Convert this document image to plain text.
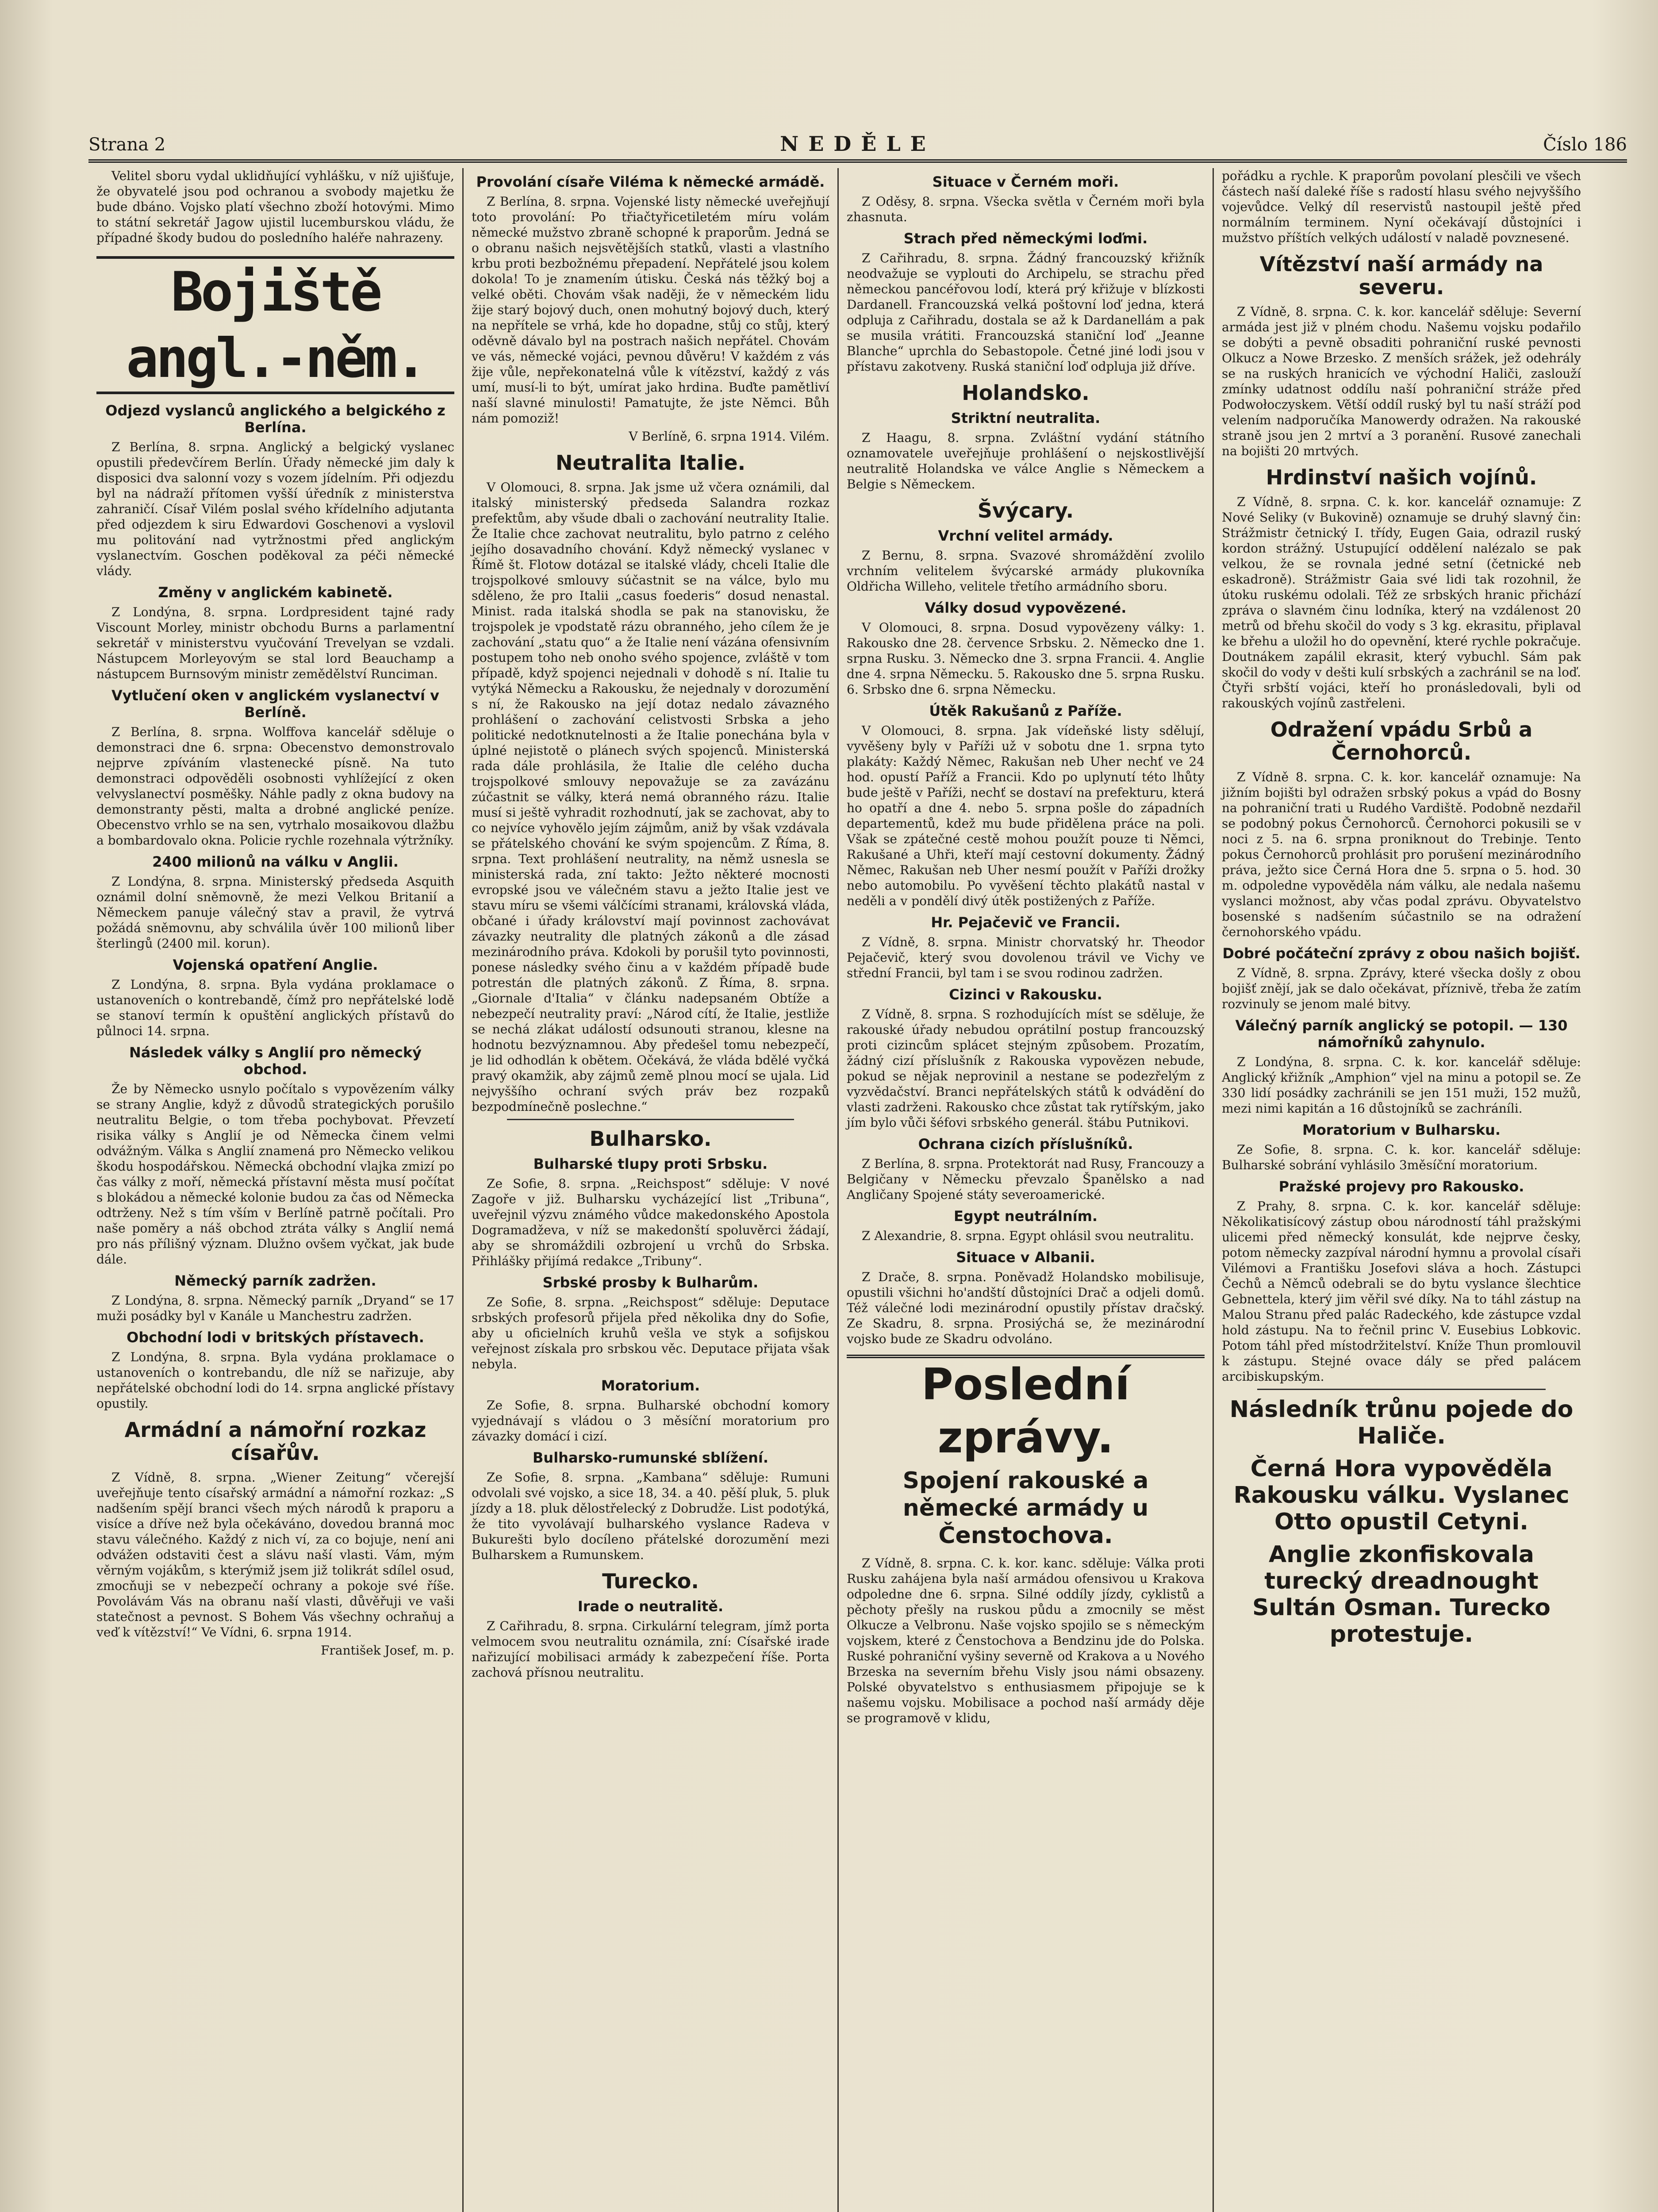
Strana 2	NEDĚLE	Číslo 186

Velitel sboru vydal uklidňující vyhlášku, v níž ujišťuje, že obyvatelé jsou pod ochranou a svobody majetku že bude dbáno. Vojsko platí všechno zboží hotovými. Mimo to státní sekretář Jagow ujistil lucemburskou vládu, že případné škody budou do posledního haléře nahrazeny.

Bojiště angl.-něm.
Odjezd vyslanců anglického a belgického z Berlína.

Z Berlína, 8. srpna. Anglický a belgický vyslanec opustili předevčírem Berlín. Úřady německé jim daly k disposici dva salonní vozy s vozem jídelním. Při odjezdu byl na nádraží přítomen vyšší úředník z ministerstva zahraničí. Císař Vilém poslal svého křídelního adjutanta před odjezdem k siru Edwardovi Goschenovi a vyslovil mu politování nad vytržnostmi před anglickým vyslanectvím. Goschen poděkoval za péči německé vlády.

Změny v anglickém kabinetě.

Z Londýna, 8. srpna. Lordpresident tajné rady Viscount Morley, ministr obchodu Burns a parlamentní sekretář v ministerstvu vyučování Trevelyan se vzdali. Nástupcem Morleyovým se stal lord Beauchamp a nástupcem Burnsovým ministr zemědělství Runciman.

Vytlučení oken v anglickém vyslanectví v Berlíně.

Z Berlína, 8. srpna. Wolffova kancelář sděluje o demonstraci dne 6. srpna: Obecenstvo demonstrovalo nejprve zpíváním vlastenecké písně. Na tuto demonstraci odpověděli osobnosti vyhlížející z oken velvyslanectví posměšky. Náhle padly z okna budovy na demonstranty pěsti, malta a drobné anglické peníze. Obecenstvo vrhlo se na sen, vytrhalo mosaikovou dlažbu a bombardovalo okna. Policie rychle rozehnala výtržníky.

2400 milionů na válku v Anglii.

Z Londýna, 8. srpna. Ministerský předseda Asquith oznámil dolní sněmovně, že mezi Velkou Britanií a Německem panuje válečný stav a pravil, že vytrvá požádá sněmovnu, aby schválila úvěr 100 milionů liber šterlingů (2400 mil. korun).

Vojenská opatření Anglie.

Z Londýna, 8. srpna. Byla vydána proklamace o ustanoveních o kontrebandě, čímž pro nepřátelské lodě se stanoví termín k opuštění anglických přístavů do půlnoci 14. srpna.

Následek války s Anglií pro německý obchod.

Že by Německo usnylo počítalo s vypovězením války se strany Anglie, když z důvodů strategických porušilo neutralitu Belgie, o tom třeba pochybovat. Převzetí risika války s Anglií je od Německa činem velmi odvážným. Válka s Anglií znamená pro Německo velikou škodu hospodářskou. Německá obchodní vlajka zmizí po čas války z moří, německá přístavní města musí počítat s blokádou a německé kolonie budou za čas od Německa odtrženy. Než s tím vším v Berlíně patrně počítali. Pro naše poměry a náš obchod ztráta války s Anglií nemá pro nás přílišný význam. Dlužno ovšem vyčkat, jak bude dále.

Německý parník zadržen.

Z Londýna, 8. srpna. Německý parník „Dryand“ se 17 muži posádky byl v Kanále u Manchestru zadržen.

Obchodní lodi v britských přístavech.

Z Londýna, 8. srpna. Byla vydána proklamace o ustanoveních o kontrebandu, dle níž se nařizuje, aby nepřátelské obchodní lodi do 14. srpna anglické přístavy opustily.

Armádní a námořní rozkaz císařův.

Z Vídně, 8. srpna. „Wiener Zeitung“ včerejší uveřejňuje tento císařský armádní a námořní rozkaz: „S nadšením spějí branci všech mých národů k praporu a visíce a dříve než byla očekáváno, dovedou branná moc stavu válečného. Každý z nich ví, za co bojuje, není ani odvážen odstaviti čest a slávu naší vlasti. Vám, mým věrným vojákům, s kterýmiž jsem již tolikrát sdílel osud, zmocňuji se v nebezpečí ochrany a pokoje své říše. Povolávám Vás na obranu naší vlasti, důvěřuji ve vaši statečnost a pevnost. S Bohem Vás všechny ochraňuj a veď k vítězství!“ Ve Vídni, 6. srpna 1914.

František Josef, m. p.
Provolání císaře Viléma k německé armádě.

Z Berlína, 8. srpna. Vojenské listy německé uveřejňují toto provolání: Po třiačtyřicetiletém míru volám německé mužstvo zbraně schopné k praporům. Jedná se o obranu našich nejsvětějších statků, vlasti a vlastního krbu proti bezbožnému přepadení. Nepřátelé jsou kolem dokola! To je znamením útisku. Česká nás těžký boj a velké oběti. Chovám však naději, že v německém lidu žije starý bojový duch, onen mohutný bojový duch, který na nepřítele se vrhá, kde ho dopadne, stůj co stůj, který oděvně dávalo byl na postrach našich nepřátel. Chovám ve vás, německé vojáci, pevnou důvěru! V každém z vás žije vůle, nepřekonatelná vůle k vítězství, každý z vás umí, musí-li to být, umírat jako hrdina. Buďte pamětliví naší slavné minulosti! Pamatujte, že jste Němci. Bůh nám pomoziž!

V Berlíně, 6. srpna 1914. Vilém.
Neutralita Italie.

V Olomouci, 8. srpna. Jak jsme už včera oznámili, dal italský ministerský předseda Salandra rozkaz prefektům, aby všude dbali o zachování neutrality Italie. Že Italie chce zachovat neutralitu, bylo patrno z celého jejího dosavadního chování. Když německý vyslanec v Římě št. Flotow dotázal se italské vlády, chceli Italie dle trojspolkové smlouvy súčastnit se na válce, bylo mu sděleno, že pro Italii „casus foederis“ dosud nenastal. Minist. rada italská shodla se pak na stanovisku, že trojspolek je vpodstatě rázu obranného, jeho cílem že je zachování „statu quo“ a že Italie není vázána ofensivním postupem toho neb onoho svého spojence, zvláště v tom případě, když spojenci nejednali v dohodě s ní. Italie tu vytýká Německu a Rakousku, že nejednaly v dorozumění s ní, že Rakousko na její dotaz nedalo závazného prohlášení o zachování celistvosti Srbska a jeho politické nedotknutelnosti a že Italie ponechána byla v úplné nejistotě o plánech svých spojenců. Ministerská rada dále prohlásila, že Italie dle celého ducha trojspolkové smlouvy nepovažuje se za zavázánu zúčastnit se války, která nemá obranného rázu. Italie musí si ještě vyhradit rozhodnutí, jak se zachovat, aby to co nejvíce vyhovělo jejím zájmům, aniž by však vzdávala se přátelského chování ke svým spojencům. Z Říma, 8. srpna. Text prohlášení neutrality, na němž usnesla se ministerská rada, zní takto: Ježto některé mocnosti evropské jsou ve válečném stavu a ježto Italie jest ve stavu míru se všemi válčícími stranami, královská vláda, občané i úřady království mají povinnost zachovávat závazky neutrality dle platných zákonů a dle zásad mezinárodního práva. Kdokoli by porušil tyto povinnosti, ponese následky svého činu a v každém případě bude potrestán dle platných zákonů. Z Říma, 8. srpna. „Giornale d'Italia“ v článku nadepsaném Obtíže a nebezpečí neutrality praví: „Národ cítí, že Italie, jestliže se nechá zlákat událostí odsunouti stranou, klesne na hodnotu bezvýznamnou. Aby předešel tomu nebezpečí, je lid odhodlán k obětem. Očekává, že vláda bdělé vyčká pravý okamžik, aby zájmů země plnou mocí se ujala. Lid nejvyššího ochraní svých práv bez rozpaků bezpodmínečně poslechne.“

Bulharsko.
Bulharské tlupy proti Srbsku.

Ze Sofie, 8. srpna. „Reichspost“ sděluje: V nové Zagoře v již. Bulharsku vycházející list „Tribuna“, uveřejnil výzvu známého vůdce makedonského Apostola Dogramadževa, v níž se makedonští spoluvěrci žádají, aby se shromáždili ozbrojení u vrchů do Srbska. Přihlášky přijímá redakce „Tribuny“.

Srbské prosby k Bulharům.

Ze Sofie, 8. srpna. „Reichspost“ sděluje: Deputace srbských profesorů přijela před několika dny do Sofie, aby u oficielních kruhů vešla ve styk a sofijskou veřejnost získala pro srbskou věc. Deputace přijata však nebyla.

Moratorium.

Ze Sofie, 8. srpna. Bulharské obchodní komory vyjednávají s vládou o 3 měsíční moratorium pro závazky domácí i cizí.

Bulharsko-rumunské sblížení.

Ze Sofie, 8. srpna. „Kambana“ sděluje: Rumuni odvolali své vojsko, a sice 18, 34. a 40. pěší pluk, 5. pluk jízdy a 18. pluk dělostřelecký z Dobrudže. List podotýká, že tito vyvolávají bulharského vyslance Radeva v Bukurešti bylo docíleno přátelské dorozumění mezi Bulharskem a Rumunskem.

Turecko.
Irade o neutralitě.

Z Cařihradu, 8. srpna. Cirkulární telegram, jímž porta velmocem svou neutralitu oznámila, zní: Císařské irade nařizující mobilisaci armády k zabezpečení říše. Porta zachová přísnou neutralitu.

Situace v Černém moři.

Z Oděsy, 8. srpna. Všecka světla v Černém moři byla zhasnuta.

Strach před německými loďmi.

Z Cařihradu, 8. srpna. Žádný francouzský křižník neodvažuje se vyplouti do Archipelu, se strachu před německou pancéřovou lodí, která prý křižuje v blízkosti Dardanell. Francouzská velká poštovní loď jedna, která odpluja z Cařihradu, dostala se až k Dardanellám a pak se musila vrátiti. Francouzská staniční loď „Jeanne Blanche“ uprchla do Sebastopole. Četné jiné lodi jsou v přístavu zakotveny. Ruská staniční loď odpluja již dříve.

Holandsko.
Striktní neutralita.

Z Haagu, 8. srpna. Zvláštní vydání státního oznamovatele uveřejňuje prohlášení o nejskostlivější neutralitě Holandska ve válce Anglie s Německem a Belgie s Německem.

Švýcary.
Vrchní velitel armády.

Z Bernu, 8. srpna. Svazové shromáždění zvolilo vrchním velitelem švýcarské armády plukovníka Oldřicha Willeho, velitele třetího armádního sboru.

Války dosud vypovězené.

V Olomouci, 8. srpna. Dosud vypovězeny války: 1. Rakousko dne 28. července Srbsku. 2. Německo dne 1. srpna Rusku. 3. Německo dne 3. srpna Francii. 4. Anglie dne 4. srpna Německu. 5. Rakousko dne 5. srpna Rusku. 6. Srbsko dne 6. srpna Německu.

Útěk Rakušanů z Paříže.

V Olomouci, 8. srpna. Jak vídeňské listy sdělují, vyvěšeny byly v Paříži už v sobotu dne 1. srpna tyto plakáty: Každý Němec, Rakušan neb Uher nechť ve 24 hod. opustí Paříž a Francii. Kdo po uplynutí této lhůty bude ještě v Paříži, nechť se dostaví na prefekturu, která ho opatří a dne 4. nebo 5. srpna pošle do západních departementů, kdež mu bude přidělena práce na poli. Však se zpátečné cestě mohou použít pouze ti Němci, Rakušané a Uhři, kteří mají cestovní dokumenty. Žádný Němec, Rakušan neb Uher nesmí použít v Paříži drožky nebo automobilu. Po vyvěšení těchto plakátů nastal v neděli a v pondělí divý útěk postižených z Paříže.

Hr. Pejačevič ve Francii.

Z Vídně, 8. srpna. Ministr chorvatský hr. Theodor Pejačevič, který svou dovolenou trávil ve Vichy ve střední Francii, byl tam i se svou rodinou zadržen.

Cizinci v Rakousku.

Z Vídně, 8. srpna. S rozhodujících míst se sděluje, že rakouské úřady nebudou oprátilní postup francouzský proti cizincům splácet stejným způsobem. Prozatím, žádný cizí příslušník z Rakouska vypovězen nebude, pokud se nějak neprovinil a nestane se podezřelým z vyzvědačství. Branci nepřátelských států k odvádění do vlasti zadrženi. Rakousko chce zůstat tak rytířským, jako jím bylo vůči šéfovi srbského generál. štábu Putnikovi.

Ochrana cizích příslušníků.

Z Berlína, 8. srpna. Protektorát nad Rusy, Francouzy a Belgičany v Německu převzalo Španělsko a nad Angličany Spojené státy severoamerické.

Egypt neutrálním.

Z Alexandrie, 8. srpna. Egypt ohlásil svou neutralitu.

Situace v Albanii.

Z Drače, 8. srpna. Poněvadž Holandsko mobilisuje, opustili všichni ho'andští důstojníci Drač a odjeli domů. Též válečné lodi mezinárodní opustily přístav dračský. Ze Skadru, 8. srpna. Prosiýchá se, že mezinárodní vojsko bude ze Skadru odvoláno.

Poslední zprávy.
Spojení rakouské a německé armády u Čenstochova.

Z Vídně, 8. srpna. C. k. kor. kanc. sděluje: Válka proti Rusku zahájena byla naší armádou ofensivou u Krakova odpoledne dne 6. srpna. Silné oddíly jízdy, cyklistů a pěchoty přešly na ruskou půdu a zmocnily se měst Olkucze a Velbronu. Naše vojsko spojilo se s německým vojskem, které z Čenstochova a Bendzinu jde do Polska. Ruské pohraniční vyšiny severně od Krakova a u Nového Brzeska na severním břehu Visly jsou námi obsazeny. Polské obyvatelstvo s enthusiasmem připojuje se k našemu vojsku. Mobilisace a pochod naší armády děje se programově v klidu,

pořádku a rychle. K praporům povolaní plesčili ve všech částech naší daleké říše s radostí hlasu svého nejvyššího vojevůdce. Velký díl reservistů nastoupil ještě před normálním terminem. Nyní očekávají důstojníci i mužstvo příštích velkých událostí v naladě povznesené.

Vítězství naší armády na severu.

Z Vídně, 8. srpna. C. k. kor. kancelář sděluje: Severní armáda jest již v plném chodu. Našemu vojsku podařilo se dobýti a pevně obsaditi pohraniční ruské pevnosti Olkucz a Nowe Brzesko. Z menších srážek, jež odehrály se na ruských hranicích ve východní Haliči, zaslouží zmínky udatnost oddílu naší pohraniční stráže před Podwołoczyskem. Větší oddíl ruský byl tu naší stráží pod velením nadporučíka Manowerdy odražen. Na rakouské straně jsou jen 2 mrtví a 3 poranění. Rusové zanechali na bojišti 20 mrtvých.

Hrdinství našich vojínů.

Z Vídně, 8. srpna. C. k. kor. kancelář oznamuje: Z Nové Seliky (v Bukovině) oznamuje se druhý slavný čin: Strážmistr četnický I. třídy, Eugen Gaia, odrazil ruský kordon strážný. Ustupující oddělení nalézalo se pak velkou, že se rovnala jedné setní (četnické neb eskadroně). Strážmistr Gaia své lidi tak rozohnil, že útoku ruskému odolali. Též ze srbských hranic přichází zpráva o slavném činu lodníka, který na vzdálenost 20 metrů od břehu skočil do vody s 3 kg. ekrasitu, připlaval ke břehu a uložil ho do opevnění, které rychle pokračuje. Doutnákem zapálil ekrasit, který vybuchl. Sám pak skočil do vody v dešti kulí srbských a zachránil se na loď. Čtyři srbští vojáci, kteří ho pronásledovali, byli od rakouských vojínů zastřeleni.

Odražení vpádu Srbů a Černohorců.

Z Vídně 8. srpna. C. k. kor. kancelář oznamuje: Na jižním bojišti byl odražen srbský pokus a vpád do Bosny na pohraniční trati u Rudého Vardiště. Podobně nezdařil se podobný pokus Černohorců. Černohorci pokusili se v noci z 5. na 6. srpna proniknout do Trebinje. Tento pokus Černohorců prohlásit pro porušení mezinárodního práva, ježto sice Černá Hora dne 5. srpna o 5. hod. 30 m. odpoledne vypověděla nám válku, ale nedala našemu vyslanci možnost, aby včas podal zprávu. Obyvatelstvo bosenské s nadšením súčastnilo se na odražení černohorského vpádu.

Dobré počáteční zprávy z obou našich bojišť.

Z Vídně, 8. srpna. Zprávy, které všecka došly z obou bojišť znějí, jak se dalo očekávat, příznivě, třeba že zatím rozvinuly se jenom malé bitvy.

Válečný parník anglický se potopil. — 130 námořníků zahynulo.

Z Londýna, 8. srpna. C. k. kor. kancelář sděluje: Anglický křižník „Amphion“ vjel na minu a potopil se. Ze 330 lidí posádky zachránili se jen 151 muži, 152 mužů, mezi nimi kapitán a 16 důstojníků se zachráníli.

Moratorium v Bulharsku.

Ze Sofie, 8. srpna. C. k. kor. kancelář sděluje: Bulharské sobrání vyhlásilo 3měsíční moratorium.

Pražské projevy pro Rakousko.

Z Prahy, 8. srpna. C. k. kor. kancelář sděluje: Několikatisícový zástup obou národností táhl pražskými ulicemi před německý konsulát, kde nejprve česky, potom německy zazpíval národní hymnu a provolal císaři Vilémovi a Františku Josefovi sláva a hoch. Zástupci Čechů a Němců odebrali se do bytu vyslance šlechtice Gebnettela, který jim věřil své díky. Na to táhl zástup na Malou Stranu před palác Radeckého, kde zástupce vzdal hold zástupu. Na to řečnil princ V. Eusebius Lobkovic. Potom táhl před místodržitelství. Kníže Thun promlouvil k zástupu. Stejné ovace dály se před palácem arcibiskupským.

Následník trůnu pojede do Haliče.
Černá Hora vypověděla Rakousku válku. Vyslanec Otto opustil Cetyni.
Anglie zkonfiskovala turecký dreadnought Sultán Osman. Turecko protestuje.
